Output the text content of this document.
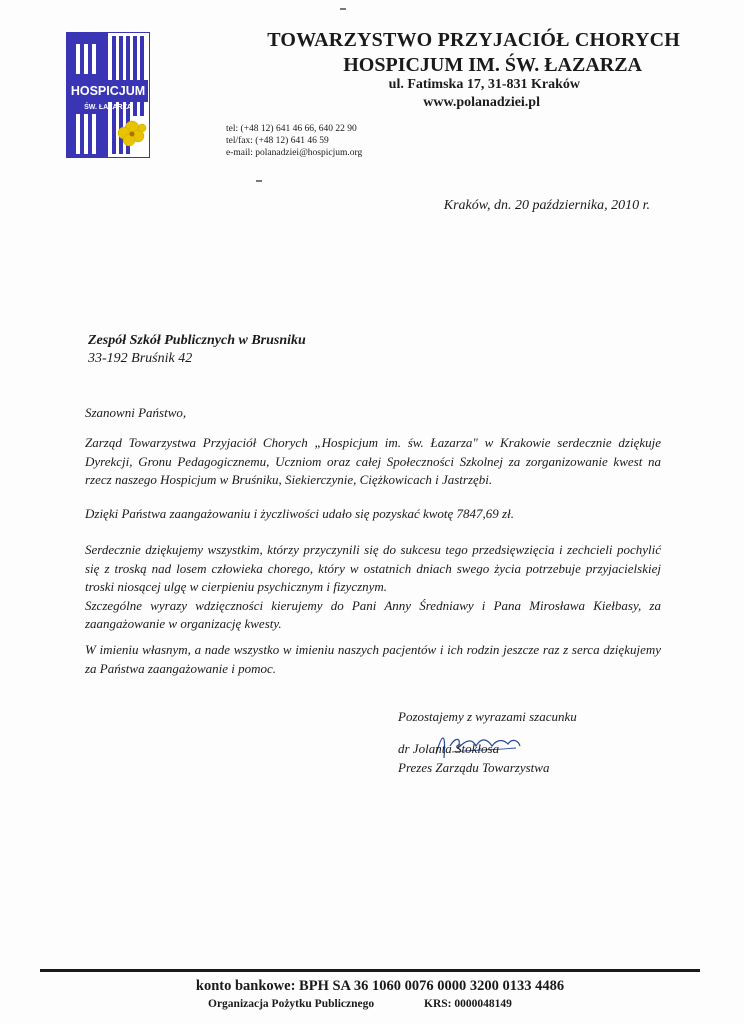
HOSPICJUM
ŚW. ŁAZARZA
TOWARZYSTWO PRZYJACIÓŁ CHORYCH
HOSPICJUM IM. ŚW. ŁAZARZA
ul. Fatimska 17, 31-831 Kraków
www.polanadziei.pl
tel: (+48 12) 641 46 66, 640 22 90
tel/fax: (+48 12) 641 46 59
e-mail: polanadziei@hospicjum.org
Kraków, dn. 20 października, 2010 r.
Zespół Szkół Publicznych w Brusniku
33-192 Bruśnik 42
Szanowni Państwo,
Zarząd Towarzystwa Przyjaciół Chorych „Hospicjum im. św. Łazarza" w Krakowie serdecznie dziękuje Dyrekcji, Gronu Pedagogicznemu, Uczniom oraz całej Społeczności Szkolnej za zorganizowanie kwest na rzecz naszego Hospicjum w Bruśniku, Siekierczynie, Ciężkowicach i Jastrzębi.
Dzięki Państwa zaangażowaniu i życzliwości udało się pozyskać kwotę 7847,69 zł.
Serdecznie dziękujemy wszystkim, którzy przyczynili się do sukcesu tego przedsięwzięcia i zechcieli pochylić się z troską nad losem człowieka chorego, który w ostatnich dniach swego życia potrzebuje przyjacielskiej troski niosącej ulgę w cierpieniu psychicznym i fizycznym.
Szczególne wyrazy wdzięczności kierujemy do Pani Anny Średniawy i Pana Mirosława Kiełbasy, za zaangażowanie w organizację kwesty.
W imieniu własnym, a nade wszystko w imieniu naszych pacjentów i ich rodzin jeszcze raz z serca dziękujemy za Państwa zaangażowanie i pomoc.
Pozostajemy z wyrazami szacunku
dr Jolanta Stokłosa
Prezes Zarządu Towarzystwa
konto bankowe: BPH SA 36 1060 0076 0000 3200 0133 4486
Organizacja Pożytku Publicznego	KRS: 0000048149
